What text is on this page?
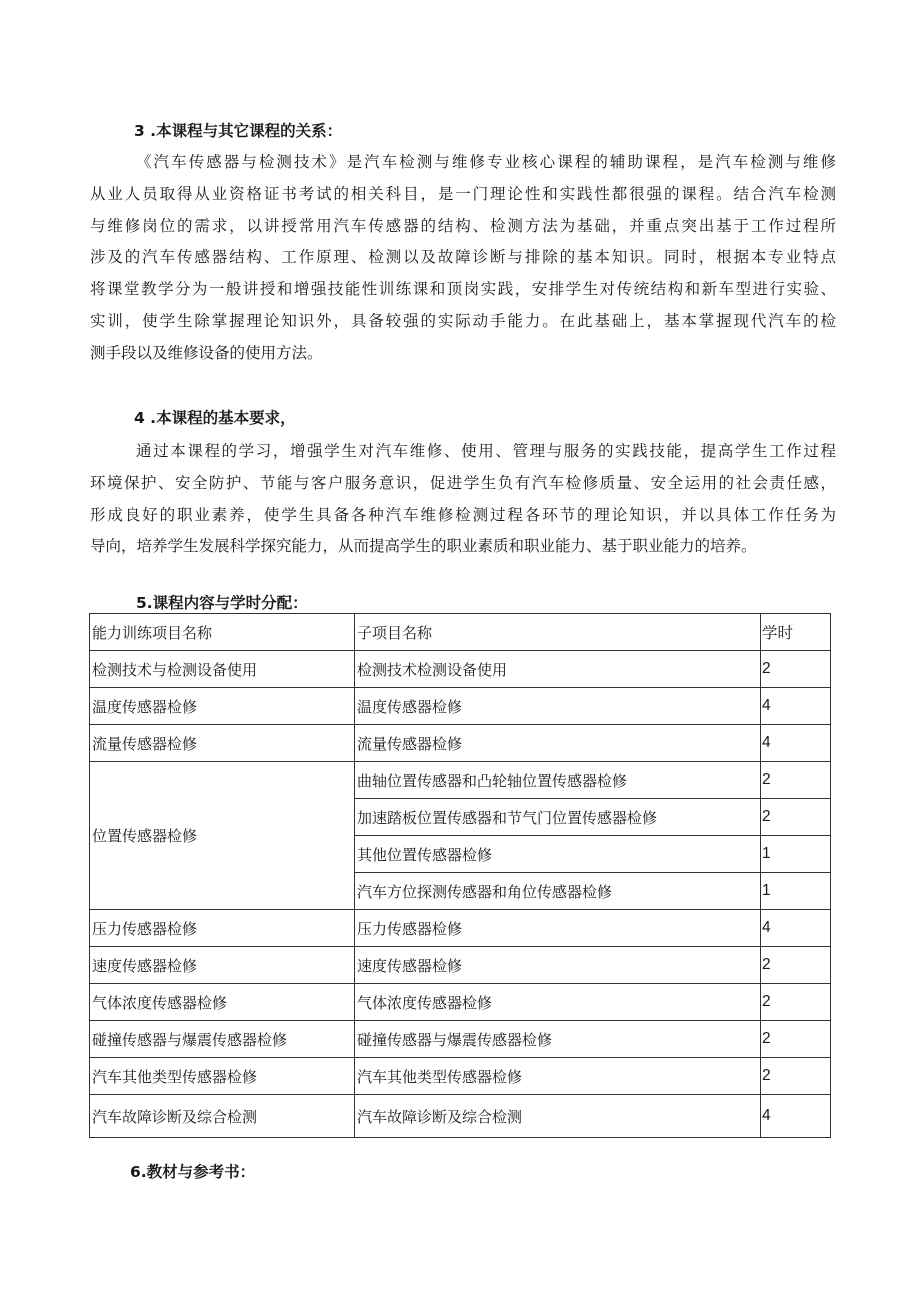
3 .本课程与其它课程的关系：
《汽车传感器与检测技术》是汽车检测与维修专业核心课程的辅助课程，是汽车检测与维修
从业人员取得从业资格证书考试的相关科目，是一门理论性和实践性都很强的课程。结合汽车检测
与维修岗位的需求，以讲授常用汽车传感器的结构、检测方法为基础，并重点突出基于工作过程所
涉及的汽车传感器结构、工作原理、检测以及故障诊断与排除的基本知识。同时，根据本专业特点
将课堂教学分为一般讲授和增强技能性训练课和顶岗实践，安排学生对传统结构和新车型进行实验、
实训，使学生除掌握理论知识外，具备较强的实际动手能力。在此基础上，基本掌握现代汽车的检
测手段以及维修设备的使用方法。
4 .本课程的基本要求，
通过本课程的学习，增强学生对汽车维修、使用、管理与服务的实践技能，提高学生工作过程
环境保护、安全防护、节能与客户服务意识，促进学生负有汽车检修质量、安全运用的社会责任感，
形成良好的职业素养，使学生具备各种汽车维修检测过程各环节的理论知识，并以具体工作任务为
导向，培养学生发展科学探究能力，从而提高学生的职业素质和职业能力、基于职业能力的培养。
5.课程内容与学时分配：
能力训练项目名称	子项目名称	学时
检测技术与检测设备使用	检测技术检测设备使用	2
温度传感器检修	温度传感器检修	4
流量传感器检修	流量传感器检修	4
位置传感器检修	曲轴位置传感器和凸轮轴位置传感器检修	2
	加速踏板位置传感器和节气门位置传感器检修	2
	其他位置传感器检修	1
	汽车方位探测传感器和角位传感器检修	1
压力传感器检修	压力传感器检修	4
速度传感器检修	速度传感器检修	2
气体浓度传感器检修	气体浓度传感器检修	2
碰撞传感器与爆震传感器检修	碰撞传感器与爆震传感器检修	2
汽车其他类型传感器检修	汽车其他类型传感器检修	2
汽车故障诊断及综合检测	汽车故障诊断及综合检测	4
6.教材与参考书：
